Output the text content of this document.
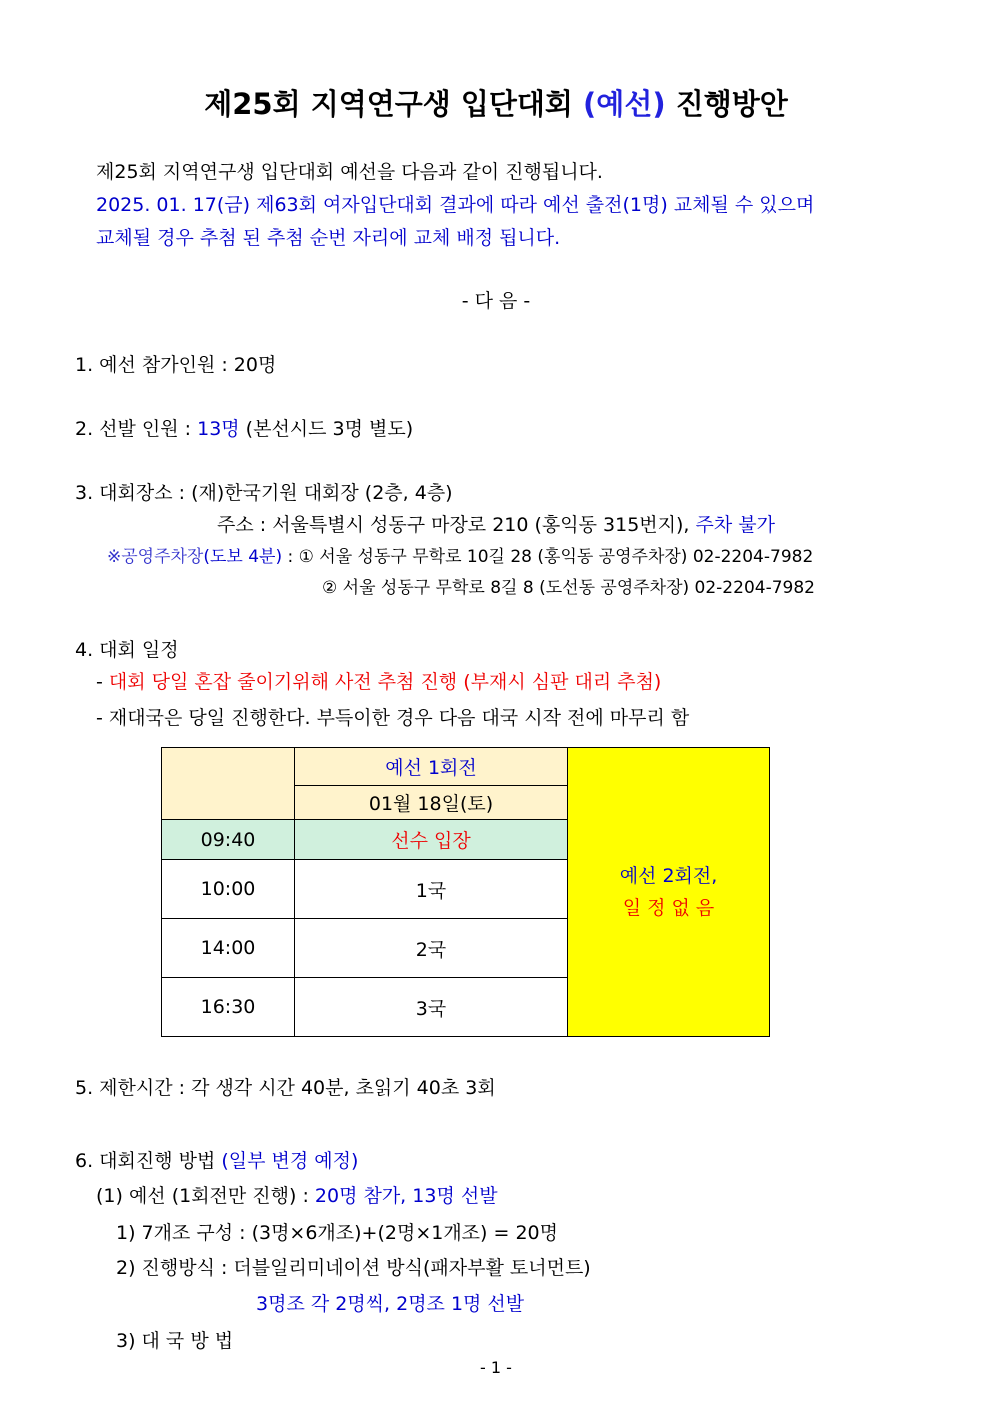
제25회 지역연구생 입단대회 (예선) 진행방안
제25회 지역연구생 입단대회 예선을 다음과 같이 진행됩니다.
2025. 01. 17(금) 제63회 여자입단대회 결과에 따라 예선 출전(1명) 교체될 수 있으며
교체될 경우 추첨 된 추첨 순번 자리에 교체 배정 됩니다.
- 다 음 -
1. 예선 참가인원 : 20명
2. 선발 인원 : 13명 (본선시드 3명 별도)
3. 대회장소 : (재)한국기원 대회장 (2층, 4층)
주소 : 서울특별시 성동구 마장로 210 (홍익동 315번지), 주차 불가
※공영주차장(도보 4분) : ① 서울 성동구 무학로 10길 28 (홍익동 공영주차장) 02-2204-7982
② 서울 성동구 무학로 8길 8 (도선동 공영주차장) 02-2204-7982
4. 대회 일정
- 대회 당일 혼잡 줄이기위해 사전 추첨 진행 (부재시 심판 대리 추첨)
- 재대국은 당일 진행한다. 부득이한 경우 다음 대국 시작 전에 마무리 함
	예선 1회전	예선 2회전,
일 정 없 음

	01월 18일(토)	
09:40	선수 입장	
10:00	1국	
14:00	2국	
16:30	3국	
5. 제한시간 : 각 생각 시간 40분, 초읽기 40초 3회
6. 대회진행 방법 (일부 변경 예정)
(1) 예선 (1회전만 진행) : 20명 참가, 13명 선발
1) 7개조 구성 : (3명×6개조)+(2명×1개조) = 20명
2) 진행방식 : 더블일리미네이션 방식(패자부활 토너먼트)
3명조 각 2명씩, 2명조 1명 선발
3) 대 국 방 법
- 1 -
